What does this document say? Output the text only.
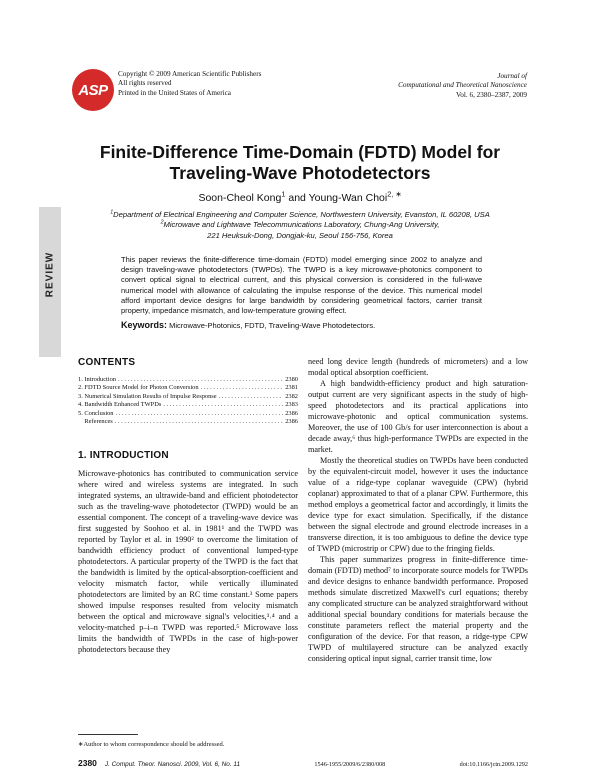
ASP
Copyright © 2009 American Scientific Publishers
All rights reserved
Printed in the United States of America
Journal of
Computational and Theoretical Nanoscience
Vol. 6, 2380–2387, 2009
REVIEW
Finite-Difference Time-Domain (FDTD) Model for
Traveling-Wave Photodetectors
Soon-Cheol Kong$^1$ and Young-Wan Choi$^{2, ∗}$
$^1$Department of Electrical Engineering and Computer Science, Northwestern University, Evanston, IL 60208, USA
$^2$Microwave and Lightwave Telecommunications Laboratory, Chung-Ang University,
221 Heuksuk-Dong, Dongjak-ku, Seoul 156-756, Korea
This paper reviews the finite-difference time-domain (FDTD) model emerging since 2002 to analyze and design traveling-wave photodetectors (TWPDs). The TWPD is a key microwave-photonics component to convert optical signal to electrical current, and this physical conversion is considered in the full-wave numerical model with allowance of calculating the impulse response of the device. This numerical model afford important device designs for large bandwidth by considering geometrical factors, carrier transit property, impedance mismatch, and low-temperature growing effect.
Keywords: Microwave-Photonics, FDTD, Traveling-Wave Photodetectors.
CONTENTS
1. Introduction . . .	2380
2. FDTD Source Model for Photon Conversion . . .	2381
3. Numerical Simulation Results of Impulse Response . . .	2382
4. Bandwidth Enhanced TWPDs . . .	2383
5. Conclusion . . .	2386
References . . .	2386
1. INTRODUCTION

Microwave-photonics has contributed to communication service where wired and wireless systems are integrated. In such integrated systems, an ultrawide-band and efficient photodetector such as the traveling-wave photodetector (TWPD) would be an essential component. The concept of a traveling-wave device was first suggested by Soohoo et al. in 1981¹ and the TWPD was reported by Taylor et al. in 1990² to overcome the limitation of bandwidth efficiency product of conventional lumped-type photodetectors. A particular property of the TWPD is the fact that the bandwidth is limited by the optical-absorption-coefficient and velocity mismatch factor, while vertically illuminated photodetectors are limited by an RC time constant.³ Some papers showed impulse responses resulted from velocity mismatch between the optical and microwave signal's velocities,³˒⁴ and a velocity-matched p–i–n TWPD was reported.⁵ Microwave loss limits the bandwidth of TWPDs in the case of high-power photodetectors because they

need long device length (hundreds of micrometers) and a low modal optical absorption coefficient.

A high bandwidth-efficiency product and high saturation-output current are very significant aspects in the study of high-speed photodetectors and its practical applications into microwave-photonic and optical communication systems. Moreover, the use of 100 Gb/s for user interconnection is about a decade away,⁶ thus high-performance TWPDs are expected in the market.

Mostly the theoretical studies on TWPDs have been conducted by the equivalent-circuit model, however it uses the inductance value of a ridge-type coplanar waveguide (CPW) (hybrid coplanar) approximated to that of a planar CPW. Furthermore, this method employs a geometrical factor and accordingly, it limits the device type for exact simulation. Specifically, if the distance between the signal electrode and ground electrode increases in a transverse direction, it is too ambiguous to define the device type of TWPD (microstrip or CPW) due to the fringing fields.

This paper summarizes progress in finite-difference time-domain (FDTD) method⁷ to incorporate source models for TWPDs and device designs to enhance bandwidth performance. Proposed methods simulate discretized Maxwell's curl equations; thereby any complicated structure can be analyzed straightforward without additional special boundary conditions for materials because the constitute parameters reflect the material property and the configuration of the device. For that reason, a ridge-type CPW TWPD of multilayered structure can be analyzed exactly considering optical input signal, carrier transit time, low

∗Author to whom correspondence should be addressed.
2380 J. Comput. Theor. Nanosci. 2009, Vol. 6, No. 11	1546-1955/2009/6/2380/008	doi:10.1166/jctn.2009.1292
